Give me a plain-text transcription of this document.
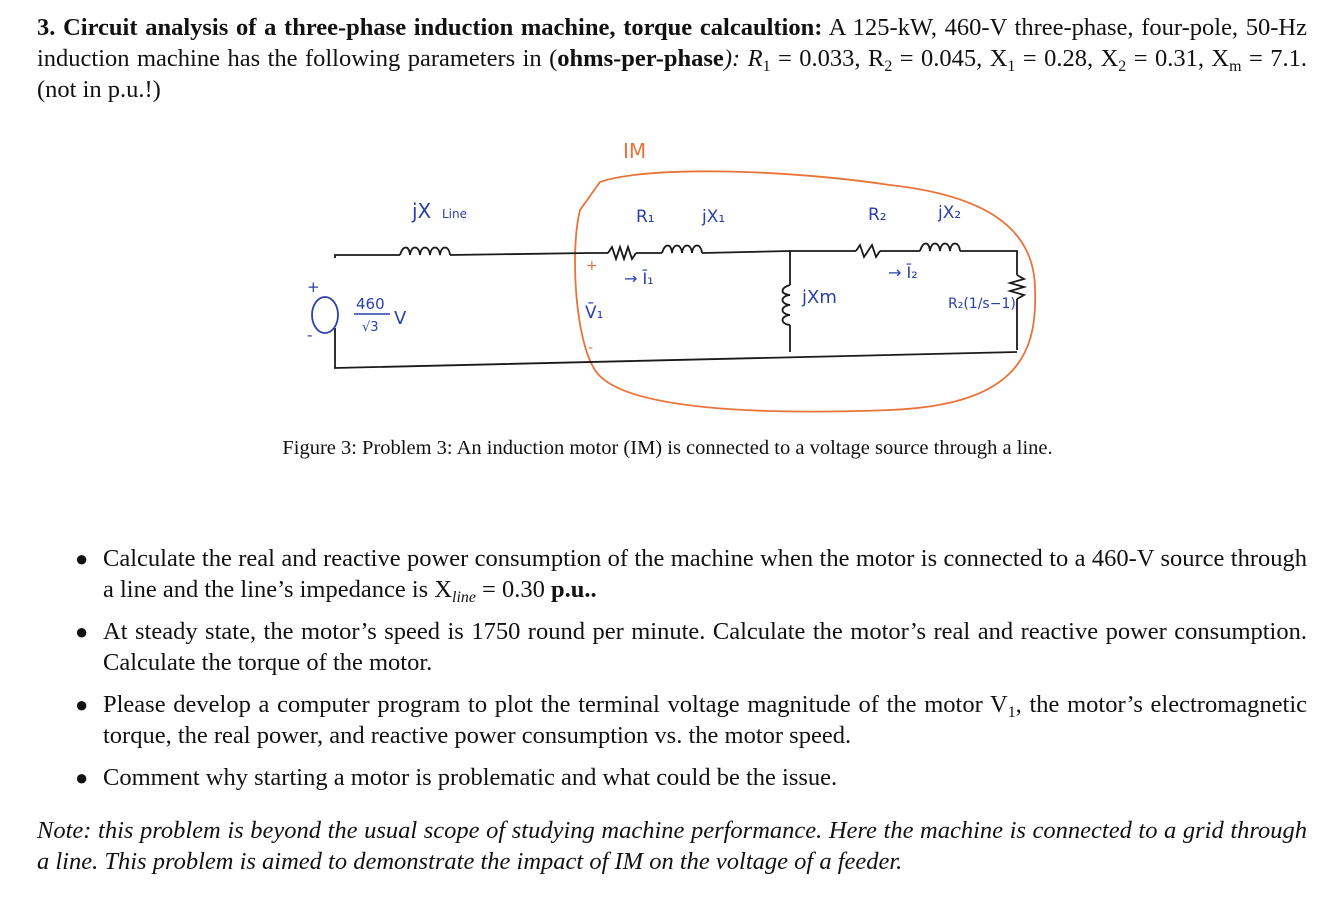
3. Circuit analysis of a three-phase induction machine, torque calcaultion: A 125-kW, 460-V three-phase, four-pole, 50-Hz induction machine has the following parameters in (ohms-per-phase): $R_1 = 0.033$, $R_2 = 0.045$, $X_1 = 0.28$, $X_2 = 0.31$, $X_m = 7.1$. (not in p.u.!)
IM
+
-
460
√3 V
jX Line	R₁	jX₁
→ Ī₁
+
V̄₁
-
R₂	jX₂
→ Ī₂
jXm	R₂(1/s−1)
Figure 3: Problem 3: An induction motor (IM) is connected to a voltage source through a line.
● Calculate the real and reactive power consumption of the machine when the motor is connected to a 460-V source through a line and the line’s impedance is $X_{line} = 0.30$ p.u..
● At steady state, the motor’s speed is 1750 round per minute. Calculate the motor’s real and reactive power consumption. Calculate the torque of the motor.
● Please develop a computer program to plot the terminal voltage magnitude of the motor $V_1$, the motor’s electromagnetic torque, the real power, and reactive power consumption vs. the motor speed.
● Comment why starting a motor is problematic and what could be the issue.
Note: this problem is beyond the usual scope of studying machine performance. Here the machine is connected to a grid through a line. This problem is aimed to demonstrate the impact of IM on the voltage of a feeder.
